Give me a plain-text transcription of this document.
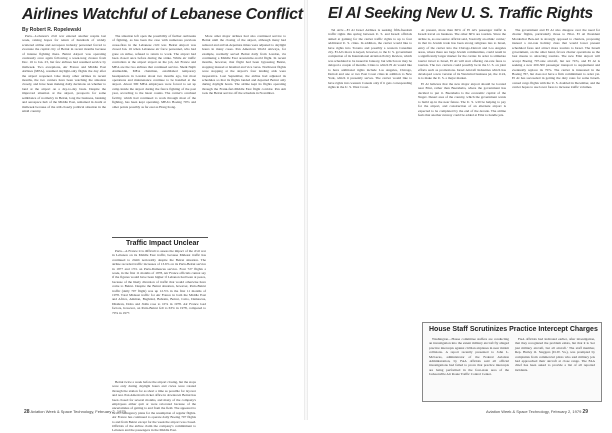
Airlines Watchful of Lebanese Conflict
By Robert R. Ropelewski

Paris—Lebanon's civil war entered another respite last week, raising hopes for return of hundreds of widely scattered airline and aerospace industry personnel forced to evacuate the capital city of Beirut in recent months because of intense fighting there. Beirut Airport was operating cautiously once again following a week-long closure from Dec. 16 to Jan. 23, but few airlines had resumed service by midweek. Two exceptions, Air France and Middle East Airlines (MEA), resumed daylight-only flights the day after the airport reopened. Like many other airlines in recent months, the two carriers have been watching the situation closely, and have been making daily decisions on whether to land at the airport on a day-to-day basis. Despite the improved situation at the airport, prospects for some semblance of normalcy in Beirut, long the business, banking and aerospace hub of the Middle East, remained in doubt at midweek because of the still-closely political situation in the small country.

The situation left open the possibility of further outbreaks of fighting, as has been the case with numerous previous cease-fires in the Lebanese civil war. Beirut Airport was closed Jan. 16 when Lebanese air force personnel, who had gone on strike, refused to return to work. The airport had been closed once before during the strike. While air traffic controllers at the airport stayed on the job, Air France and MEA are the two airlines that continued service. Sheik Najib Alamuddin, MEA chairman, established temporary headquarters in London about two months ago, but most operations and maintenance continue to be handled at the airport. About 300 MEA employees were forced to set up camp inside the airport during the fierce fighting of the past year, according to the latest counts. The carrier's overhaul facility, which had continued to work through most of the fighting, has been kept operating. MEA's Boeing 707s and other points possibly as far east as Hong Kong.

More other major airlines had also continued service to Beirut until the closing of the airport, although many had reduced and arrival-departure times were adjusted to daylight hours in many cases. Pan American World Airways, for example, normally served Beirut daily from London, via continuing a Middle East around-the-world flight. In recent months, however, that flight had been bypassing Beirut, stopping instead at Istanbul and vice versa. Northwest flights were stopping at the airport's four landing aids were inoperative. Last September, the airline had adjusted its schedules so that its flights landed and departed Beirut only during daylight hours. The airline kept its flights operating through the Frank-furt-Middle East flight corridor. Pan Am took the Beirut service off the schedule in November.

Traffic Impact Unclear

Paris—A France it is difficult to assess the impact of the civil war in Lebanon on its Middle East traffic, because Mideast traffic has continued to climb noticeably despite the Beirut situation. The airline recorded traffic increases of 13.6% on its Paris-Beirut service in 1977 and 13% on Paris-Damascus service. Four 727 flights a week, in the first 11 months of 1978, Air France officials cannot say if the figures would have been higher if Lebanon had been at peace, because of the likely diversion of traffic that would otherwise have come to Beirut. Despite the Beirut situation, however, Paris-Beirut traffic (daily 707 flight) was up 12.5% in the first 11 months of 1978. Total Mideast traffic for Air France in both the Middle East and Africa, Amman, Baghdad, Bahrain, Beirut, Cairo, Damascus, Dhahran, Doha and Jidda rose to 10% in 1978. Air France load factors, however, on Paris-Beirut fell to 63% in 1978, compared to 70% in 1977.

Beirut twice a week before the airport closing, but the stops were only during daylight hours and crews were rotated through the station for as short a time as possible for layover and rest. Pan American's ticket office in downtown Beirut has been closed for several months, and many of the company's employees either quit or were relocated because of the uncertainties of getting to and from the field. The appeared to be no contingency plans for the resumption of regular flights. Air France has continued to operate daily Boeing 707 flights to and from Beirut except for the week the airport was closed. Officials of the airline claim the company's commitment to Lebanon and the passengers in the Middle East.

28 Aviation Week & Space Technology, February 2, 1979
El Al Seeking New U. S. Traffic Rights

Tel Aviv—El Al Israel Airlines is seeking fifth-freedom traffic rights this spring between U. S. and Israeli officials aimed at gaining for the carrier traffic rights to up to four additional U. S. cities. In addition, the carrier would like to have rights into Toronto and possibly a western Canadian city. El Al's move is keyed, however, to the U. S. government completion of its International Aviation Policy Review, which was scheduled to be issued in January, but which now may be delayed a couple of months. Cities to which El Al would like to have additional rights include Los Angeles, Chicago, Detroit and one or two East Coast cities in addition to New York, which it presently serves. The carrier would like to have rights into western Canada only if it gets corresponding rights in the U. S. West Coast.

At present, more than 60% of El Al's passenger traffic is Israeli travel on business. The other 60% are tourists. Since the airline is, as one senior official said, 'basically an ethnic carrier,' in that its Jewish trade has been strong religious ties to Israel, entry of the carrier into the Chicago-Detroit and Los Angeles areas, where there are large Jewish communities, could result in a significantly larger market for the carrier. In order to stimulate tourist travel to Israel, El Al will start offering cut-rate fares to tourists. The two carriers could possibly be in the U. S. on joint efforts such as promotions. Israel Aircraft Industries which has developed a new version of its Westwind business jet, the 1124, is to make the U. S. a major market.

El Al believes that the new major airport should be located near Eilat, rather than Beersheba, where the government has decided to put it. Beersheba is the economic capital of the Negev. Desert area of the country, which the government wants to build up in the near future. The U. S. will be helping to pay for the airport, and construction of an alternate airport is expected to be completed by the end of the decade. The airline feels that another runway could be added at Eilat to handle jets.

The government and El Al also disagree over the need for charter flights, particularly those to Eilat. El Al President Mordechai Ben-Ari is strongly opposed to charters, proposing instead a cut-rate holiday class that would lower present scheduled fares and attract more tourists to Israel. The Israeli government, on the other hand, favors charter operations as the best means to attracting tourists. The new Eilat airport will accept Boeing 707-size aircraft, but not 747s, and El Al is seeking a new 200-300 passenger transport to supplement and eventually replace its 707s. The carrier is interested in the Boeing 767, but does not have a firm commitment to order yet. El Al has succeeded in getting the duty rates for some Israeli-owned cargo flights with the U. S. doubled in December, and the carrier hopes to use lower fares to increase traffic volumes.

House Staff Scrutinizes Practice Intercept Charges

Washington—House committee staffers are conducting an investigation into the extent military aircraft fly alleged practice intercepts against civilian airplanes in near midair collisions. A report recently presented to John L. McLucas, administrator of the Federal Aviation Administration, by FAA officials said all official investigations had failed to prove that practice intercepts are being performed in the four-state area of the Jacksonville Air Route Traffic Control Center.

FAA officials had indicated earlier, after investigation, that they recognized the problem exists, but that it is 'not just military aircraft, but all aircraft.' The staff member, Rep. Harley O. Staggers (D-W. Va.), was prompted by complaints from commercial pilots who said military jets had approached their aircraft at close range. The FAA chief has been asked to provide a list of all reported incidents.

Aviation Week & Space Technology, February 2, 1979 29
